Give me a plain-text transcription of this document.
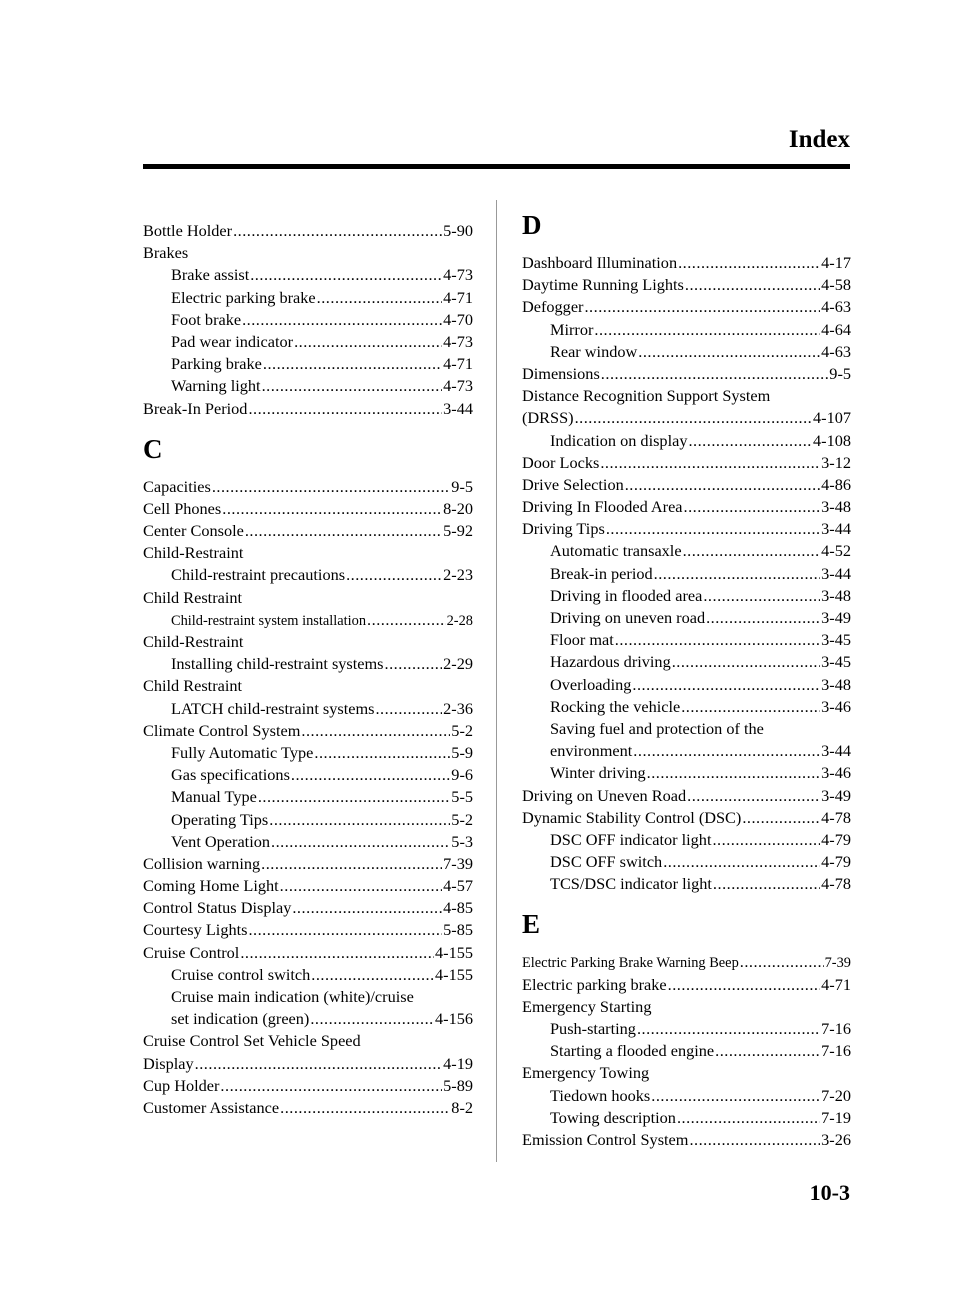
Index
Bottle Holder .....	5-90
Brakes
Brake assist .....	4-73
Electric parking brake .....	4-71
Foot brake .....	4-70
Pad wear indicator .....	4-73
Parking brake .....	4-71
Warning light .....	4-73
Break-In Period .....	3-44
C
Capacities .....	9-5
Cell Phones .....	8-20
Center Console .....	5-92
Child-Restraint
Child-restraint precautions .....	2-23
Child Restraint
Child-restraint system installation .....	2-28
Child-Restraint
Installing child-restraint systems .....	2-29
Child Restraint
LATCH child-restraint systems .....	2-36
Climate Control System .....	5-2
Fully Automatic Type .....	5-9
Gas specifications .....	9-6
Manual Type .....	5-5
Operating Tips .....	5-2
Vent Operation .....	5-3
Collision warning .....	7-39
Coming Home Light .....	4-57
Control Status Display .....	4-85
Courtesy Lights .....	5-85
Cruise Control .....	4-155
Cruise control switch .....	4-155
Cruise main indication (white)/cruise
set indication (green) .....	4-156
Cruise Control Set Vehicle Speed
Display .....	4-19
Cup Holder .....	5-89
Customer Assistance .....	8-2
D
Dashboard Illumination .....	4-17
Daytime Running Lights .....	4-58
Defogger .....	4-63
Mirror .....	4-64
Rear window .....	4-63
Dimensions .....	9-5
Distance Recognition Support System
(DRSS) .....	4-107
Indication on display .....	4-108
Door Locks .....	3-12
Drive Selection .....	4-86
Driving In Flooded Area .....	3-48
Driving Tips .....	3-44
Automatic transaxle .....	4-52
Break-in period .....	3-44
Driving in flooded area .....	3-48
Driving on uneven road .....	3-49
Floor mat .....	3-45
Hazardous driving .....	3-45
Overloading .....	3-48
Rocking the vehicle .....	3-46
Saving fuel and protection of the
environment .....	3-44
Winter driving .....	3-46
Driving on Uneven Road .....	3-49
Dynamic Stability Control (DSC) .....	4-78
DSC OFF indicator light .....	4-79
DSC OFF switch .....	4-79
TCS/DSC indicator light .....	4-78
E
Electric Parking Brake Warning Beep .....	7-39
Electric parking brake .....	4-71
Emergency Starting
Push-starting .....	7-16
Starting a flooded engine .....	7-16
Emergency Towing
Tiedown hooks .....	7-20
Towing description .....	7-19
Emission Control System .....	3-26
10-3
